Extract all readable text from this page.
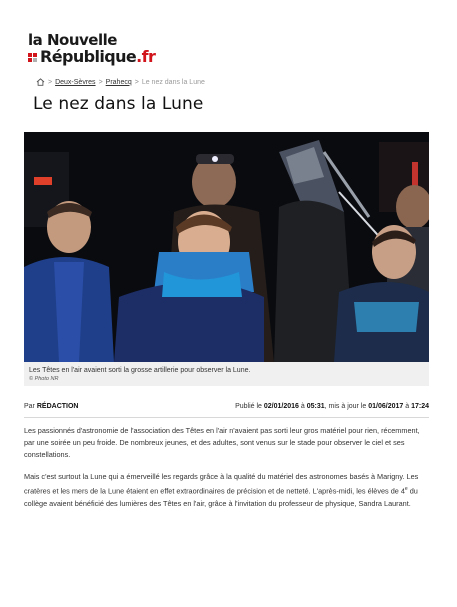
la Nouvelle
République .fr
> Deux-Sèvres > Prahecq > Le nez dans la Lune
Le nez dans la Lune
Les Têtes en l'air avaient sorti la grosse artillerie pour observer la Lune.
© Photo NR
Par RÉDACTION	Publié le 02/01/2016 à 05:31, mis à jour le 01/06/2017 à 17:24

Les passionnés d'astronomie de l'association des Têtes en l'air n'avaient pas sorti leur gros matériel pour rien, récemment, par une soirée un peu froide. De nombreux jeunes, et des adultes, sont venus sur le stade pour observer le ciel et ses constellations.

Mais c'est surtout la Lune qui a émerveillé les regards grâce à la qualité du matériel des astronomes basés à Marigny. Les cratères et les mers de la Lune étaient en effet extraordinaires de précision et de netteté. L'après-midi, les élèves de 4e du collège avaient bénéficié des lumières des Têtes en l'air, grâce à l'invitation du professeur de physique, Sandra Laurant.
